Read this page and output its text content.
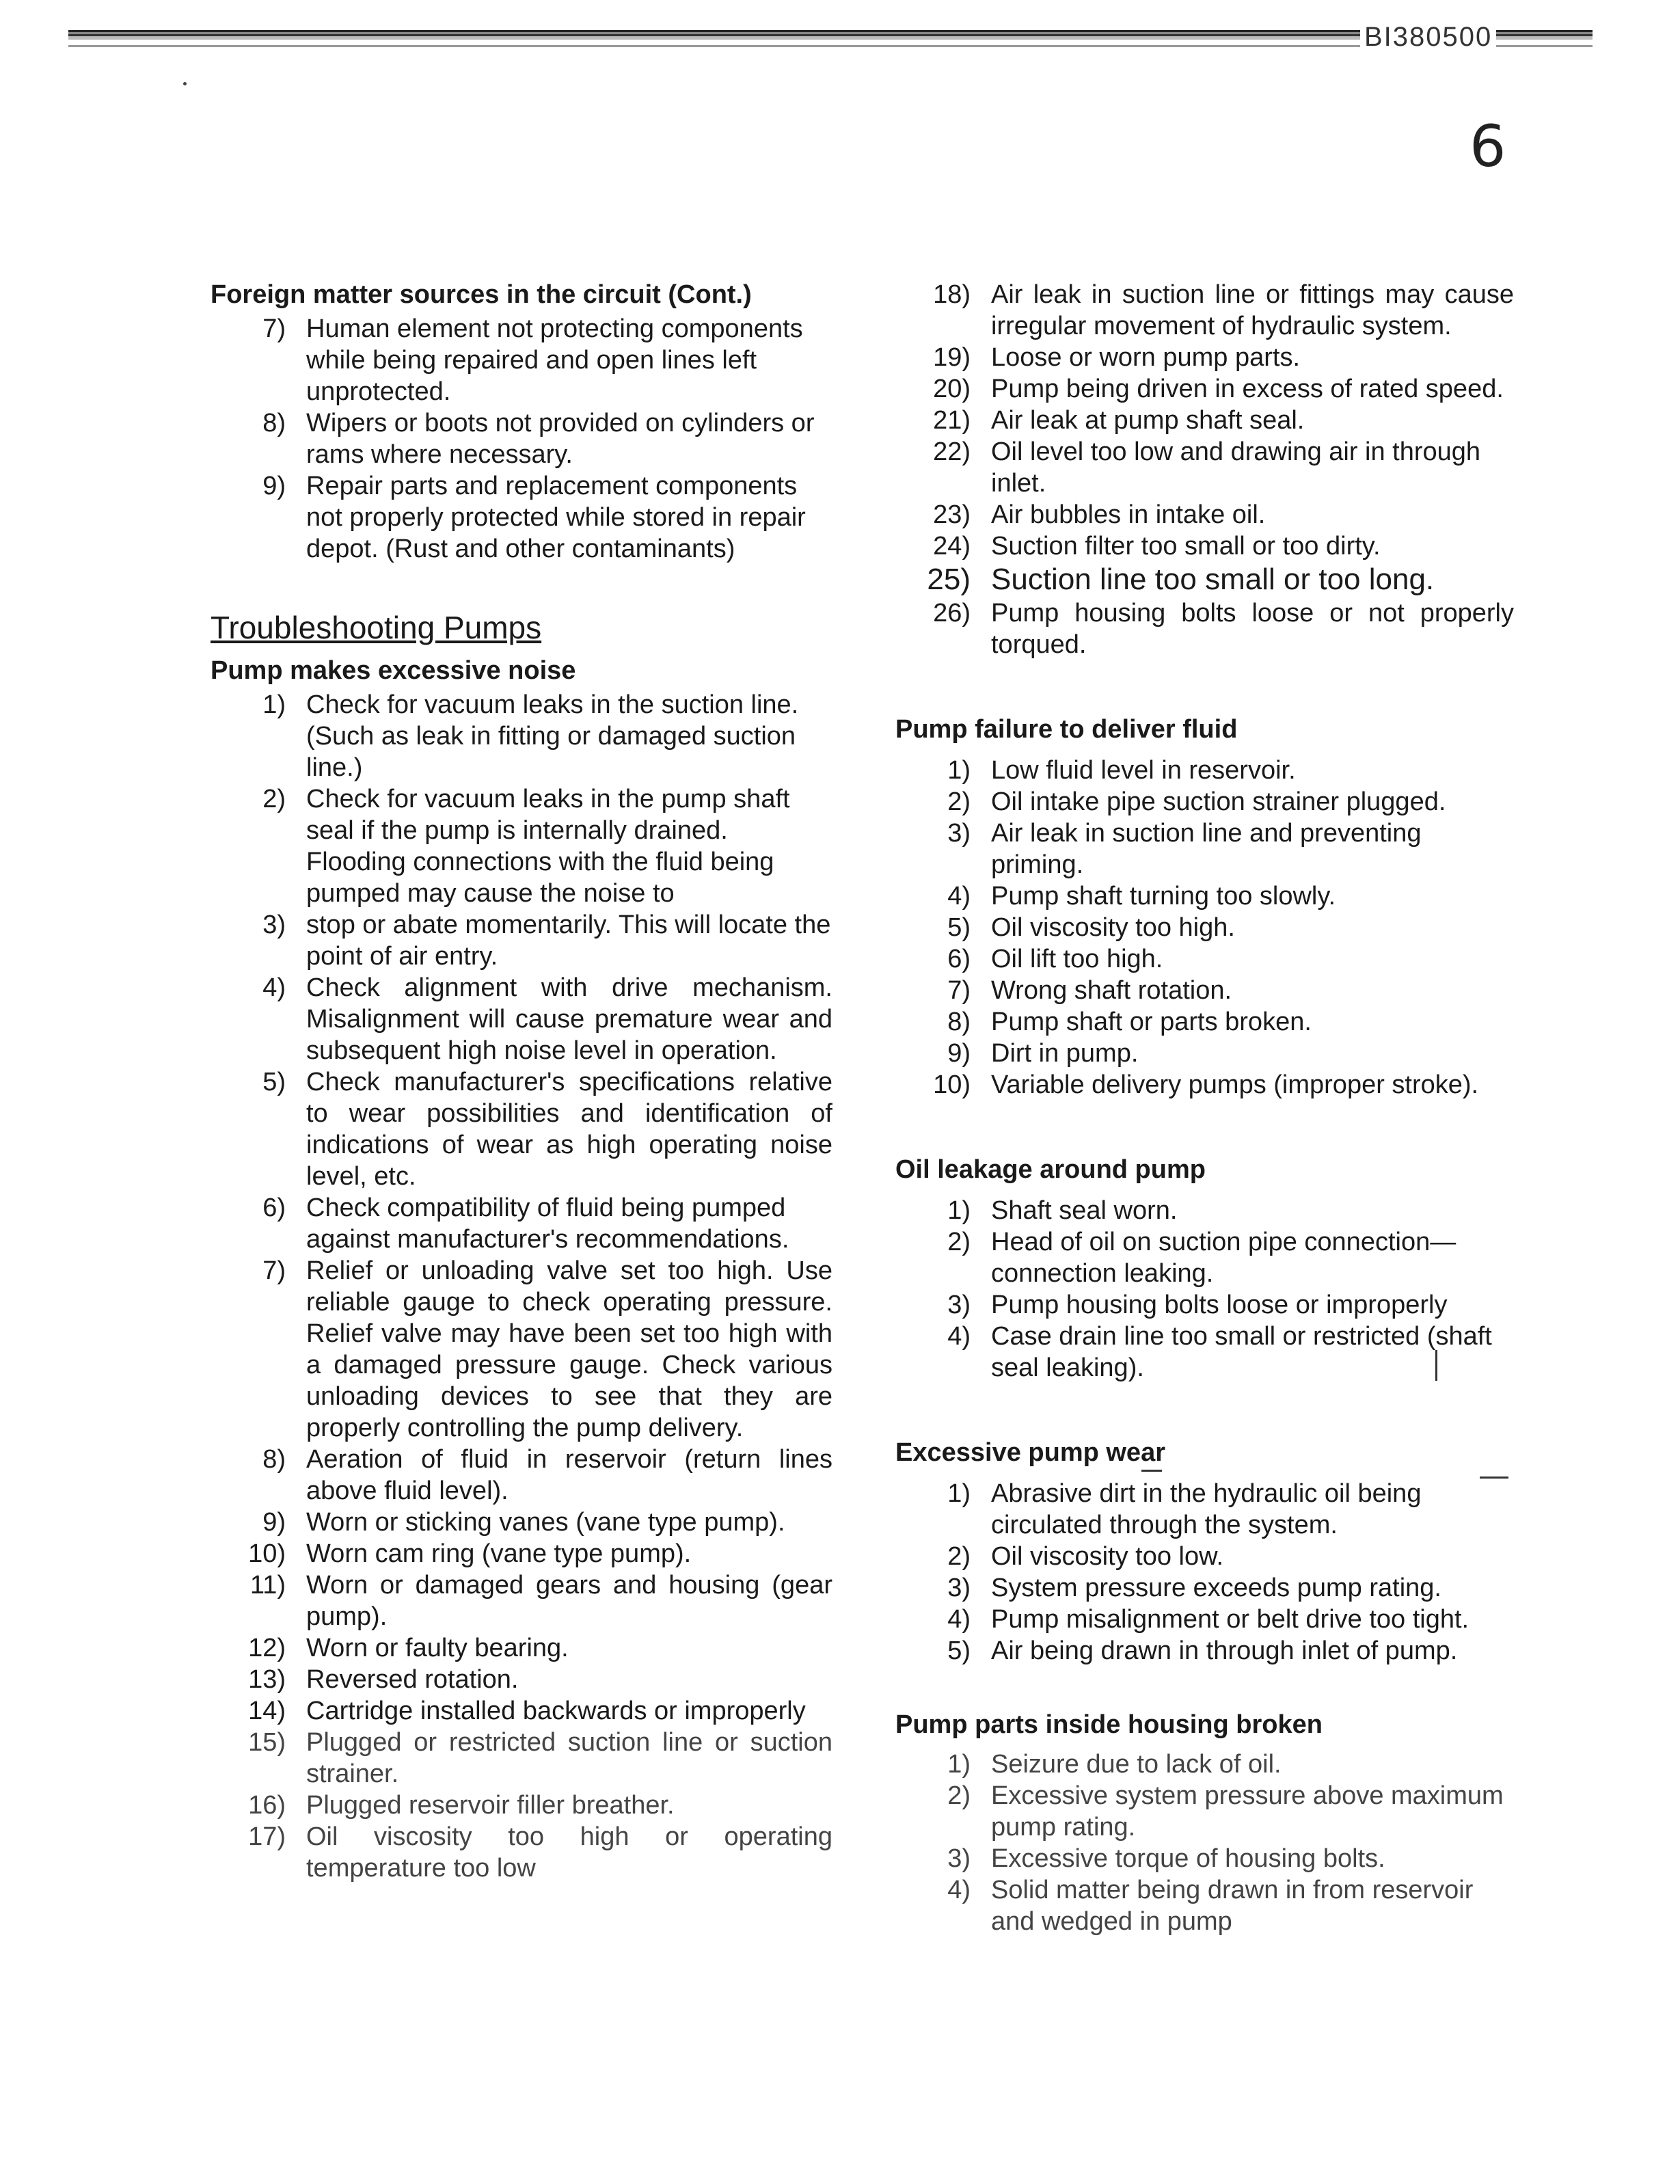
BI380500
6
Foreign matter sources in the circuit (Cont.)
7) Human element not protecting components while being repaired and open lines left unprotected.
8) Wipers or boots not provided on cylinders or rams where necessary.
9) Repair parts and replacement components not properly protected while stored in repair depot. (Rust and other contaminants)
Troubleshooting Pumps
Pump makes excessive noise
1) Check for vacuum leaks in the suction line. (Such as leak in fitting or damaged suction line.)
2) Check for vacuum leaks in the pump shaft seal if the pump is internally drained. Flooding connections with the fluid being pumped may cause the noise to
3) stop or abate momentarily. This will locate the point of air entry.
4) Check alignment with drive mechanism. Misalignment will cause premature wear and subsequent high noise level in operation.
5) Check manufacturer's specifications relative to wear possibilities and identification of indications of wear as high operating noise level, etc.
6) Check compatibility of fluid being pumped against manufacturer's recommendations.
7) Relief or unloading valve set too high. Use reliable gauge to check operating pressure. Relief valve may have been set too high with a damaged pressure gauge. Check various unloading devices to see that they are properly controlling the pump delivery.
8) Aeration of fluid in reservoir (return lines above fluid level).
9) Worn or sticking vanes (vane type pump).
10) Worn cam ring (vane type pump).
11) Worn or damaged gears and housing (gear pump).
12) Worn or faulty bearing.
13) Reversed rotation.
14) Cartridge installed backwards or improperly
15) Plugged or restricted suction line or suction strainer.
16) Plugged reservoir filler breather.
17) Oil viscosity too high or operating temperature too low
18) Air leak in suction line or fittings may cause irregular movement of hydraulic system.
19) Loose or worn pump parts.
20) Pump being driven in excess of rated speed.
21) Air leak at pump shaft seal.
22) Oil level too low and drawing air in through inlet.
23) Air bubbles in intake oil.
24) Suction filter too small or too dirty.
25) Suction line too small or too long.
26) Pump housing bolts loose or not properly torqued.
Pump failure to deliver fluid
1) Low fluid level in reservoir.
2) Oil intake pipe suction strainer plugged.
3) Air leak in suction line and preventing priming.
4) Pump shaft turning too slowly.
5) Oil viscosity too high.
6) Oil lift too high.
7) Wrong shaft rotation.
8) Pump shaft or parts broken.
9) Dirt in pump.
10) Variable delivery pumps (improper stroke).
Oil leakage around pump
1) Shaft seal worn.
2) Head of oil on suction pipe connection—connection leaking.
3) Pump housing bolts loose or improperly
4) Case drain line too small or restricted (shaft seal leaking).
Excessive pump wear
1) Abrasive dirt in the hydraulic oil being circulated through the system.
2) Oil viscosity too low.
3) System pressure exceeds pump rating.
4) Pump misalignment or belt drive too tight.
5) Air being drawn in through inlet of pump.
Pump parts inside housing broken
1) Seizure due to lack of oil.
2) Excessive system pressure above maximum pump rating.
3) Excessive torque of housing bolts.
4) Solid matter being drawn in from reservoir and wedged in pump
